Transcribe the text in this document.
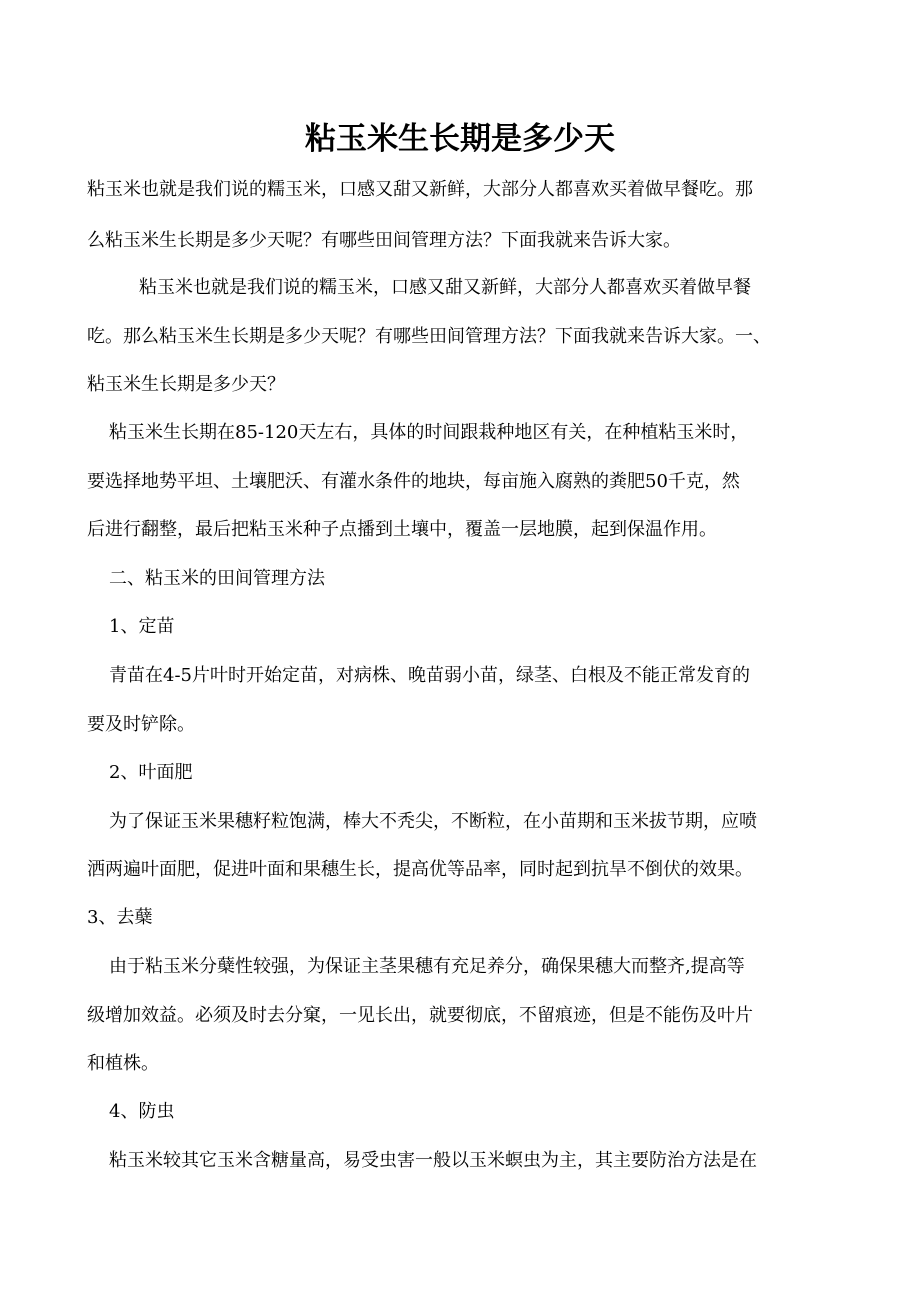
粘玉米生长期是多少天

粘玉米也就是我们说的糯玉米，口感又甜又新鲜，大部分人都喜欢买着做早餐吃。那

么粘玉米生长期是多少天呢？有哪些田间管理方法？下面我就来告诉大家。

粘玉米也就是我们说的糯玉米，口感又甜又新鲜，大部分人都喜欢买着做早餐

吃。那么粘玉米生长期是多少天呢？有哪些田间管理方法？下面我就来告诉大家。一、

粘玉米生长期是多少天？

粘玉米生长期在85-120天左右，具体的时间跟栽种地区有关，在种植粘玉米时，

要选择地势平坦、土壤肥沃、有灌水条件的地块，每亩施入腐熟的粪肥50千克，然

后进行翻整，最后把粘玉米种子点播到土壤中，覆盖一层地膜，起到保温作用。

二、粘玉米的田间管理方法

1、定苗

青苗在4-5片叶时开始定苗，对病株、晚苗弱小苗，绿茎、白根及不能正常发育的

要及时铲除。

2、叶面肥

为了保证玉米果穗籽粒饱满，棒大不秃尖，不断粒，在小苗期和玉米拔节期，应喷

洒两遍叶面肥，促进叶面和果穗生长，提高优等品率，同时起到抗旱不倒伏的效果。

3、去蘖

由于粘玉米分蘖性较强，为保证主茎果穗有充足养分，确保果穗大而整齐,提高等

级增加效益。必须及时去分窠，一见长出，就要彻底，不留痕迹，但是不能伤及叶片

和植株。

4、防虫

粘玉米较其它玉米含糖量高，易受虫害一般以玉米螟虫为主，其主要防治方法是在
